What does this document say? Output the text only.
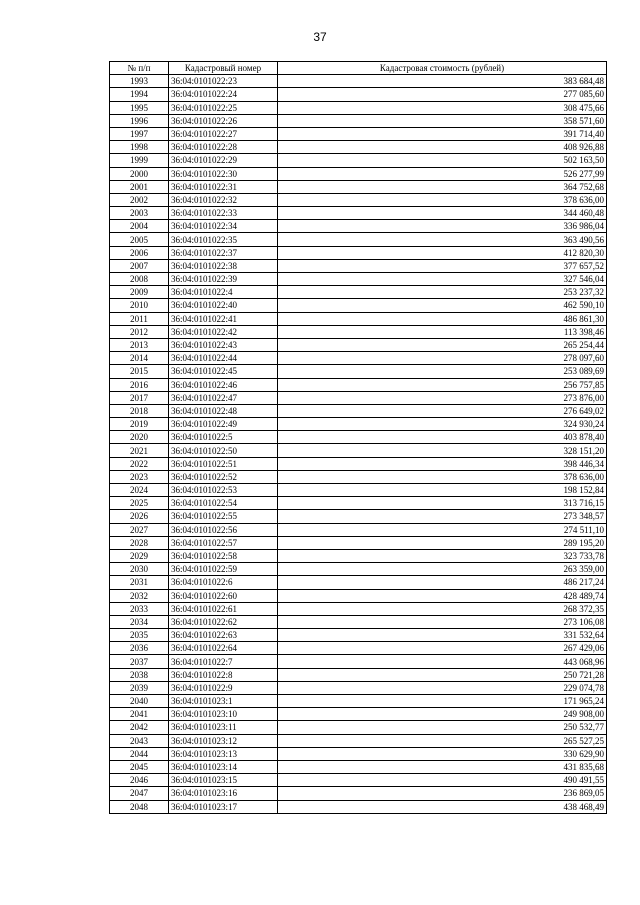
37
№ п/п	Кадастровый номер	Кадастровая стоимость (рублей)
1993	36:04:0101022:23	383 684,48
1994	36:04:0101022:24	277 085,60
1995	36:04:0101022:25	308 475,66
1996	36:04:0101022:26	358 571,60
1997	36:04:0101022:27	391 714,40
1998	36:04:0101022:28	408 926,88
1999	36:04:0101022:29	502 163,50
2000	36:04:0101022:30	526 277,99
2001	36:04:0101022:31	364 752,68
2002	36:04:0101022:32	378 636,00
2003	36:04:0101022:33	344 460,48
2004	36:04:0101022:34	336 986,04
2005	36:04:0101022:35	363 490,56
2006	36:04:0101022:37	412 820,30
2007	36:04:0101022:38	377 657,52
2008	36:04:0101022:39	327 546,04
2009	36:04:0101022:4	253 237,32
2010	36:04:0101022:40	462 590,10
2011	36:04:0101022:41	486 861,30
2012	36:04:0101022:42	113 398,46
2013	36:04:0101022:43	265 254,44
2014	36:04:0101022:44	278 097,60
2015	36:04:0101022:45	253 089,69
2016	36:04:0101022:46	256 757,85
2017	36:04:0101022:47	273 876,00
2018	36:04:0101022:48	276 649,02
2019	36:04:0101022:49	324 930,24
2020	36:04:0101022:5	403 878,40
2021	36:04:0101022:50	328 151,20
2022	36:04:0101022:51	398 446,34
2023	36:04:0101022:52	378 636,00
2024	36:04:0101022:53	198 152,84
2025	36:04:0101022:54	313 716,15
2026	36:04:0101022:55	273 348,57
2027	36:04:0101022:56	274 511,10
2028	36:04:0101022:57	289 195,20
2029	36:04:0101022:58	323 733,78
2030	36:04:0101022:59	263 359,00
2031	36:04:0101022:6	486 217,24
2032	36:04:0101022:60	428 489,74
2033	36:04:0101022:61	268 372,35
2034	36:04:0101022:62	273 106,08
2035	36:04:0101022:63	331 532,64
2036	36:04:0101022:64	267 429,06
2037	36:04:0101022:7	443 068,96
2038	36:04:0101022:8	250 721,28
2039	36:04:0101022:9	229 074,78
2040	36:04:0101023:1	171 965,24
2041	36:04:0101023:10	249 908,00
2042	36:04:0101023:11	250 532,77
2043	36:04:0101023:12	265 527,25
2044	36:04:0101023:13	330 629,90
2045	36:04:0101023:14	431 835,68
2046	36:04:0101023:15	490 491,55
2047	36:04:0101023:16	236 869,05
2048	36:04:0101023:17	438 468,49
